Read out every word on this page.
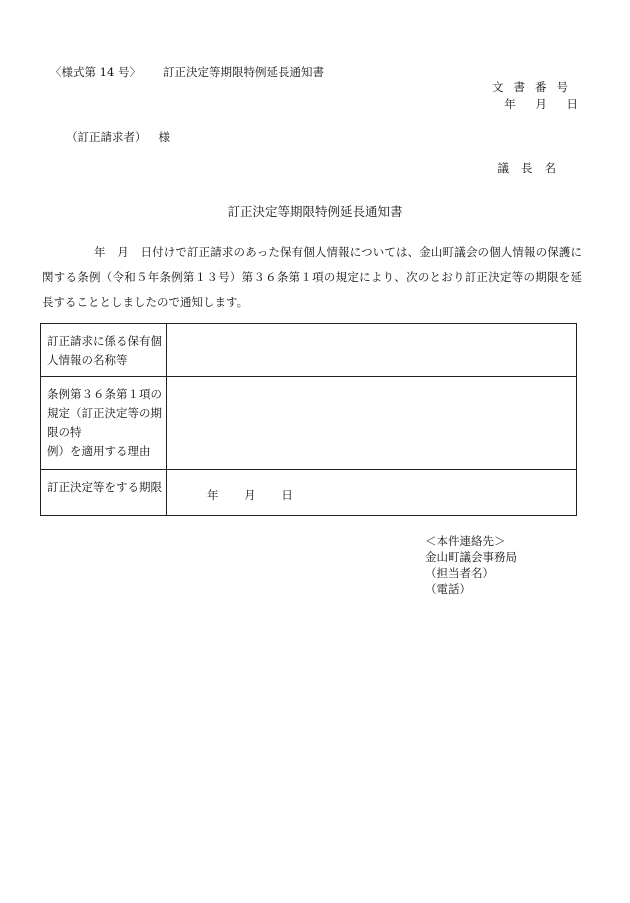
〈様式第 14 号〉 訂正決定等期限特例延長通知書
文書番号
年 月 日
（訂正請求者） 様
議長名
訂正決定等期限特例延長通知書

年　月　日付けで訂正請求のあった保有個人情報については、金山町議会の個人情報の保護に関する条例（令和５年条例第１３号）第３６条第１項の規定により、次のとおり訂正決定等の期限を延長することとしましたので通知します。

訂正請求に係る保有個人情報の名称等	

条例第３６条第１項の規定（訂正決定等の期限の特
例）を適用する理由	

訂正決定等をする期限	年 月 日
＜本件連絡先＞
金山町議会事務局
（担当者名）
（電話）
